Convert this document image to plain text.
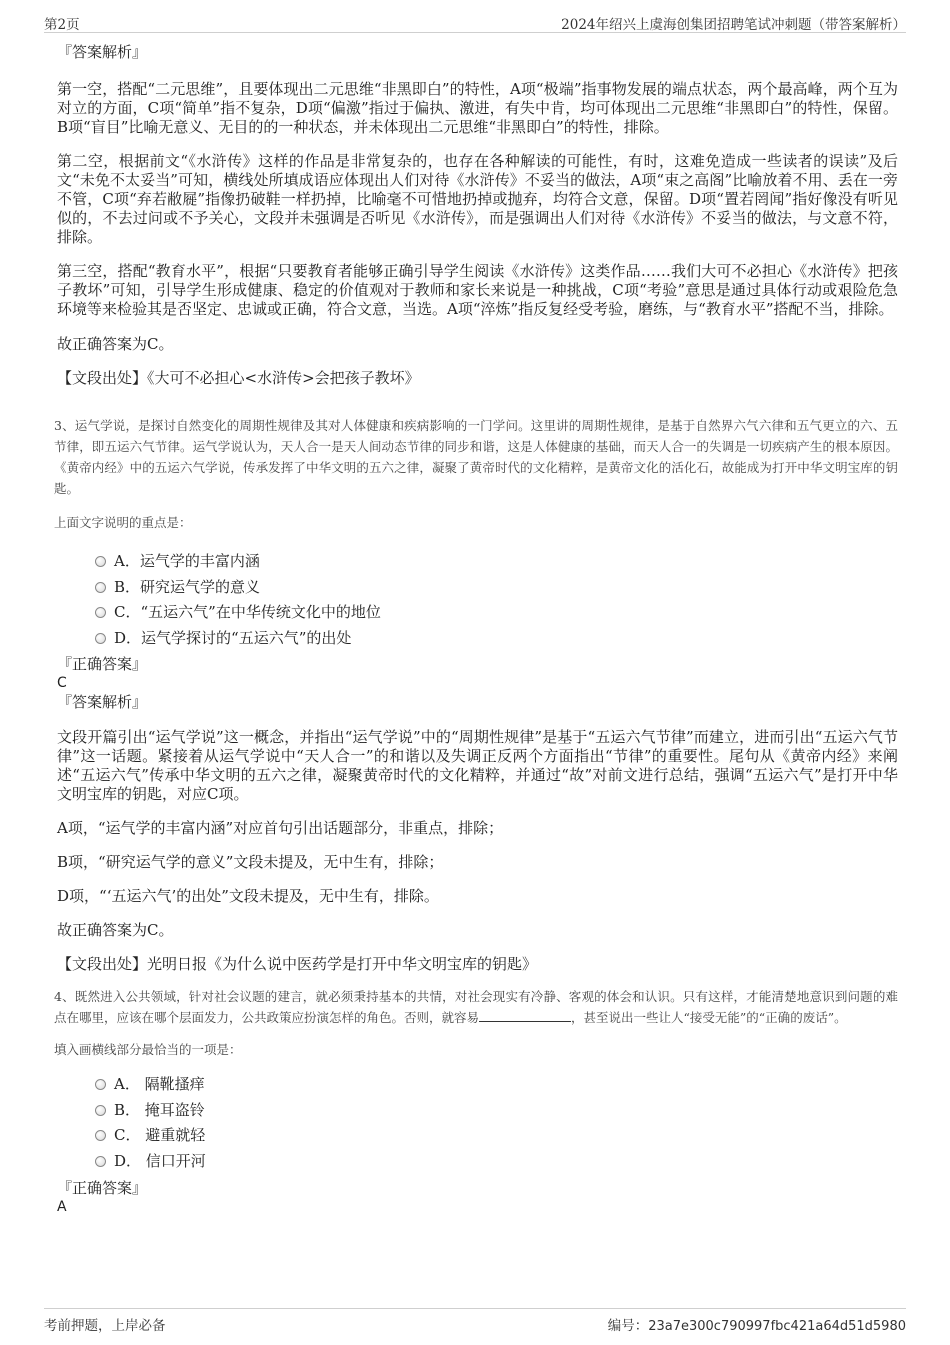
第2页	2024年绍兴上虞海创集团招聘笔试冲刺题（带答案解析）

『答案解析』

第一空，搭配“二元思维”，且要体现出二元思维“非黑即白”的特性，A项“极端”指事物发展的端点状态，两个最高峰，两个互为对立的方面，C项“简单”指不复杂，D项“偏激”指过于偏执、激进，有失中肯，均可体现出二元思维“非黑即白”的特性，保留。B项“盲目”比喻无意义、无目的的一种状态，并未体现出二元思维“非黑即白”的特性，排除。

第二空，根据前文“《水浒传》这样的作品是非常复杂的，也存在各种解读的可能性，有时，这难免造成一些读者的误读”及后文“未免不太妥当”可知，横线处所填成语应体现出人们对待《水浒传》不妥当的做法，A项“束之高阁”比喻放着不用、丢在一旁不管，C项“弃若敝屣”指像扔破鞋一样扔掉，比喻毫不可惜地扔掉或抛弃，均符合文意，保留。D项“置若罔闻”指好像没有听见似的，不去过问或不予关心，文段并未强调是否听见《水浒传》，而是强调出人们对待《水浒传》不妥当的做法，与文意不符，排除。

第三空，搭配“教育水平”，根据“只要教育者能够正确引导学生阅读《水浒传》这类作品……我们大可不必担心《水浒传》把孩子教坏”可知，引导学生形成健康、稳定的价值观对于教师和家长来说是一种挑战，C项“考验”意思是通过具体行动或艰险危急环境等来检验其是否坚定、忠诚或正确，符合文意，当选。A项“淬炼”指反复经受考验，磨练，与“教育水平”搭配不当，排除。

故正确答案为C。

【文段出处】《大可不必担心<水浒传>会把孩子教坏》

3、运气学说，是探讨自然变化的周期性规律及其对人体健康和疾病影响的一门学问。这里讲的周期性规律，是基于自然界六气六律和五气更立的六、五节律，即五运六气节律。运气学说认为，天人合一是天人间动态节律的同步和谐，这是人体健康的基础，而天人合一的失调是一切疾病产生的根本原因。《黄帝内经》中的五运六气学说，传承发挥了中华文明的五六之律，凝聚了黄帝时代的文化精粹，是黄帝文化的活化石，故能成为打开中华文明宝库的钥匙。

上面文字说明的重点是：

A．运气学的丰富内涵
B．研究运气学的意义
C．“五运六气”在中华传统文化中的地位
D．运气学探讨的“五运六气”的出处

『正确答案』

C

『答案解析』

文段开篇引出“运气学说”这一概念，并指出“运气学说”中的“周期性规律”是基于“五运六气节律”而建立，进而引出“五运六气节律”这一话题。紧接着从运气学说中“天人合一”的和谐以及失调正反两个方面指出“节律”的重要性。尾句从《黄帝内经》来阐述“五运六气”传承中华文明的五六之律，凝聚黄帝时代的文化精粹，并通过“故”对前文进行总结，强调“五运六气”是打开中华文明宝库的钥匙，对应C项。

A项，“运气学的丰富内涵”对应首句引出话题部分，非重点，排除；

B项，“研究运气学的意义”文段未提及，无中生有，排除；

D项，“‘五运六气’的出处”文段未提及，无中生有，排除。

故正确答案为C。

【文段出处】光明日报《为什么说中医药学是打开中华文明宝库的钥匙》

4、既然进入公共领域，针对社会议题的建言，就必须秉持基本的共情，对社会现实有冷静、客观的体会和认识。只有这样，才能清楚地意识到问题的难点在哪里，应该在哪个层面发力，公共政策应扮演怎样的角色。否则，就容易	，甚至说出一些让人“接受无能”的“正确的废话”。

填入画横线部分最恰当的一项是：

A． 隔靴搔痒
B． 掩耳盗铃
C． 避重就轻
D． 信口开河

『正确答案』

A

考前押题，上岸必备	编号：23a7e300c790997fbc421a64d51d5980
